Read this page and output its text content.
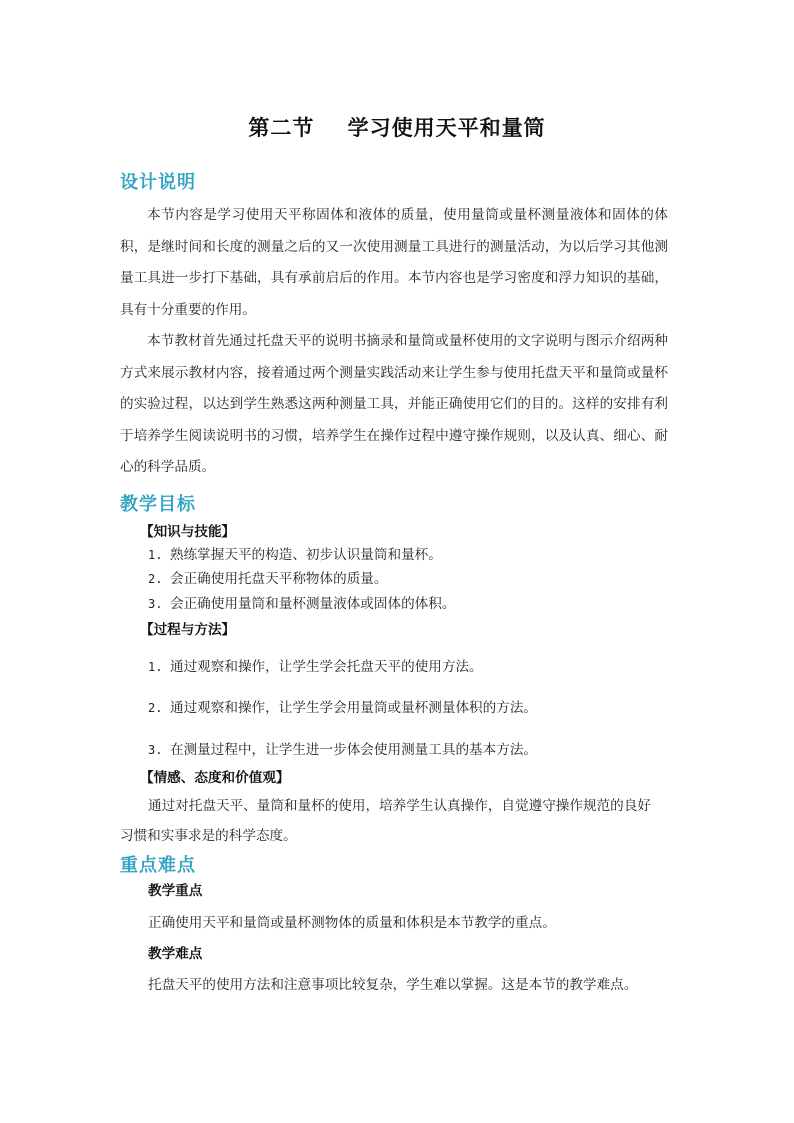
第二节    学习使用天平和量筒
设计说明

本节内容是学习使用天平称固体和液体的质量，使用量筒或量杯测量液体和固体的体积，是继时间和长度的测量之后的又一次使用测量工具进行的测量活动，为以后学习其他测量工具进一步打下基础，具有承前启后的作用。本节内容也是学习密度和浮力知识的基础，具有十分重要的作用。

本节教材首先通过托盘天平的说明书摘录和量筒或量杯使用的文字说明与图示介绍两种方式来展示教材内容，接着通过两个测量实践活动来让学生参与使用托盘天平和量筒或量杯的实验过程，以达到学生熟悉这两种测量工具，并能正确使用它们的目的。这样的安排有利于培养学生阅读说明书的习惯，培养学生在操作过程中遵守操作规则，以及认真、细心、耐心的科学品质。

教学目标
【知识与技能】
1. 熟练掌握天平的构造、初步认识量筒和量杯。
2. 会正确使用托盘天平称物体的质量。
3. 会正确使用量筒和量杯测量液体或固体的体积。
【过程与方法】
1. 通过观察和操作，让学生学会托盘天平的使用方法。
2. 通过观察和操作，让学生学会用量筒或量杯测量体积的方法。
3. 在测量过程中，让学生进一步体会使用测量工具的基本方法。
【情感、态度和价值观】
通过对托盘天平、量筒和量杯的使用，培养学生认真操作，自觉遵守操作规范的良好
习惯和实事求是的科学态度。
重点难点
教学重点
正确使用天平和量筒或量杯测物体的质量和体积是本节教学的重点。
教学难点
托盘天平的使用方法和注意事项比较复杂，学生难以掌握。这是本节的教学难点。
